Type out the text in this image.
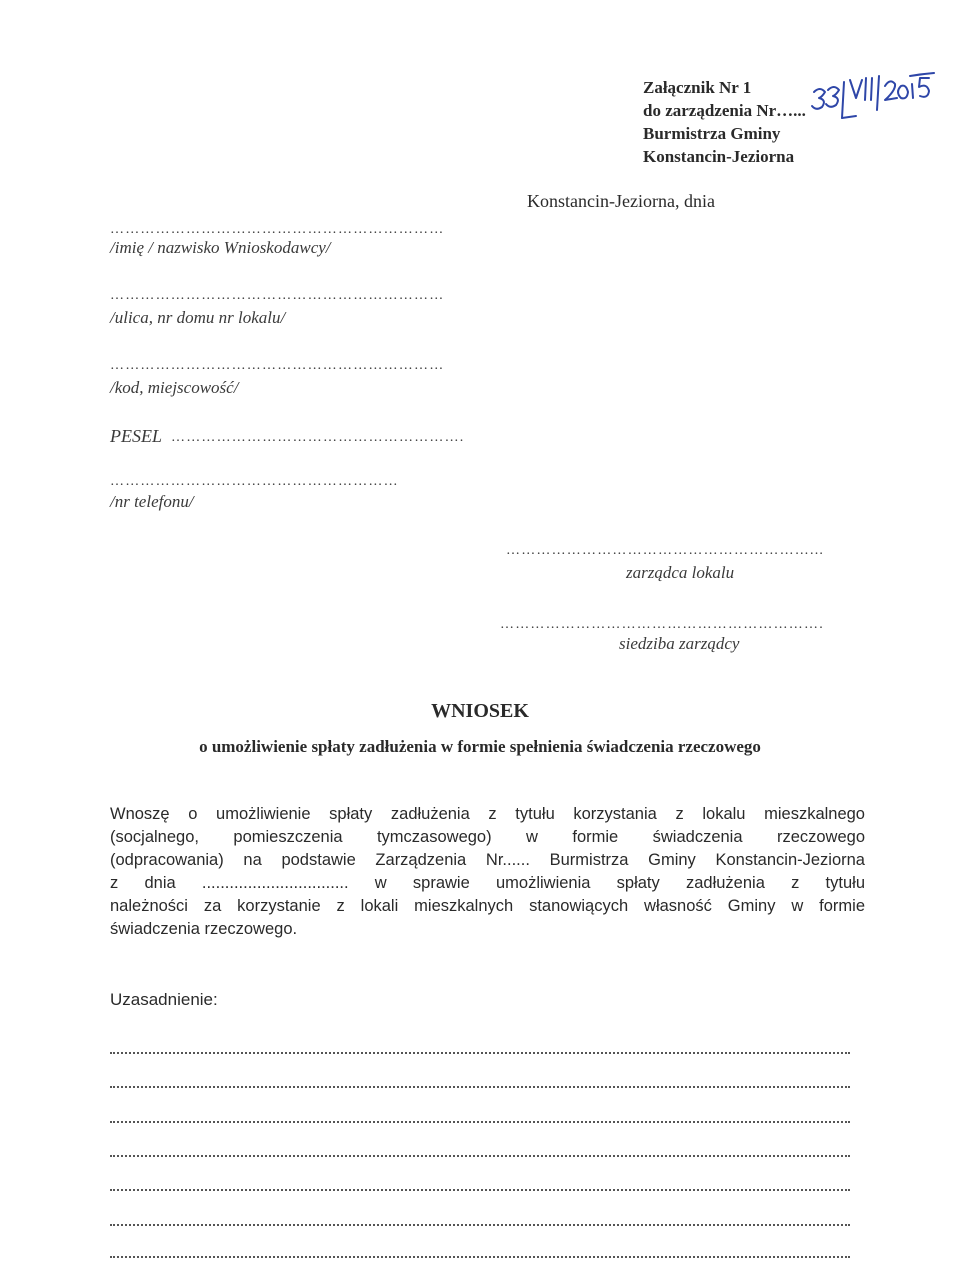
Załącznik Nr 1
do zarządzenia Nr…...
Burmistrza Gminy
Konstancin-Jeziorna
Konstancin-Jeziorna, dnia
…………………………………………………………
/imię / nazwisko Wnioskodawcy/
…………………………………………………………
/ulica, nr domu nr lokalu/
…………………………………………………………
/kod, miejscowość/
PESEL ………………………………………………….
…………………………………………………
/nr telefonu/
……………………………………………………...
zarządca lokalu
……………………………………………………….
siedziba zarządcy
WNIOSEK
o umożliwienie spłaty zadłużenia w formie spełnienia świadczenia rzeczowego
Wnoszę o umożliwienie spłaty zadłużenia z tytułu korzystania z lokalu mieszkalnego
(socjalnego, pomieszczenia tymczasowego) w formie świadczenia rzeczowego
(odpracowania) na podstawie Zarządzenia Nr...... Burmistrza Gminy Konstancin-Jeziorna
z dnia ................................ w sprawie umożliwienia spłaty zadłużenia z tytułu
należności za korzystanie z lokali mieszkalnych stanowiących własność Gminy w formie
świadczenia rzeczowego.
Uzasadnienie:
